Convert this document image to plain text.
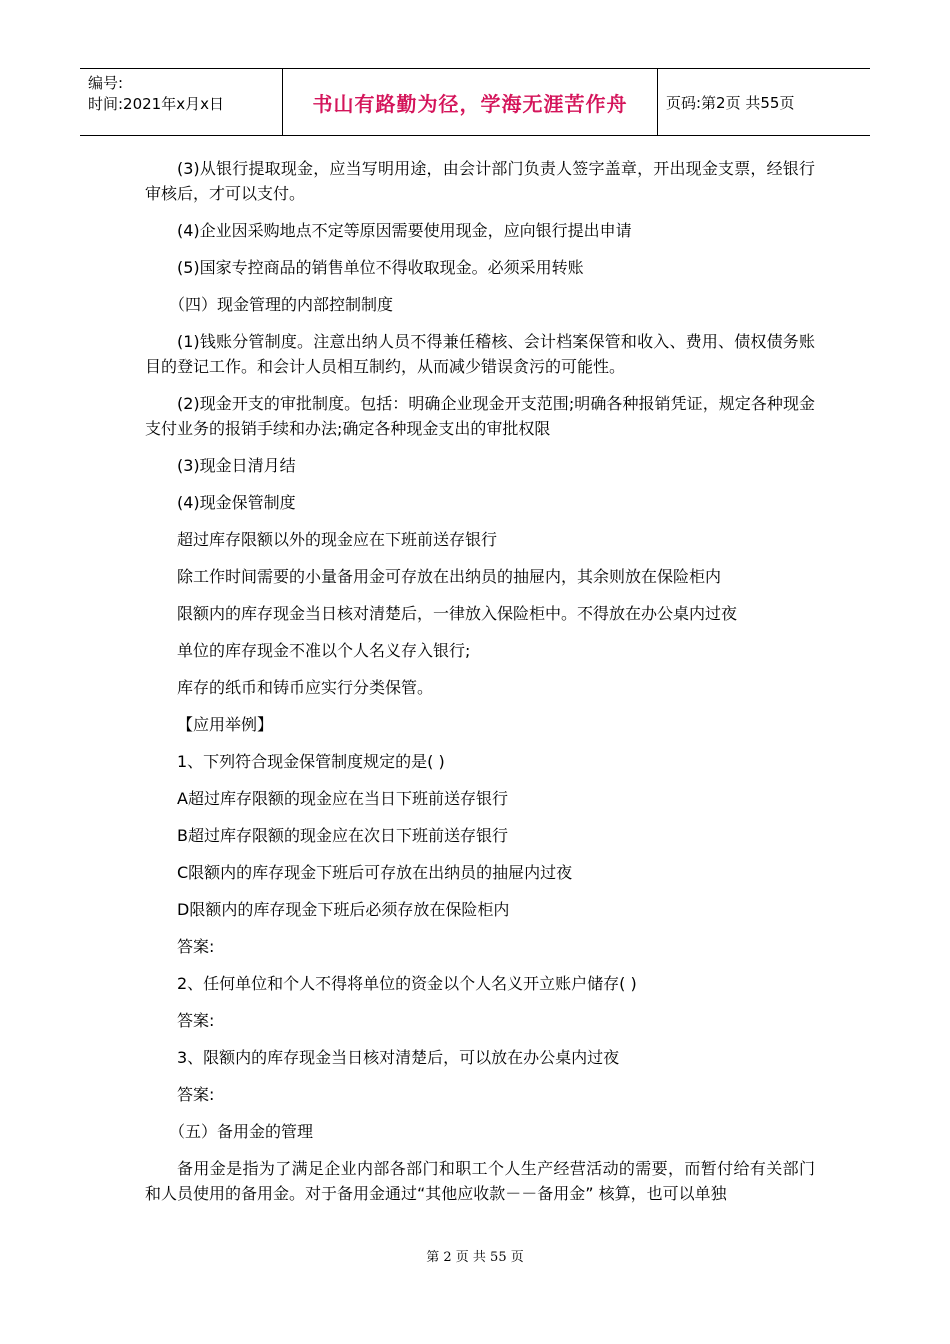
编号:
时间:2021年x月x日	书山有路勤为径，学海无涯苦作舟	页码:第2页 共55页

(3)从银行提取现金，应当写明用途，由会计部门负责人签字盖章，开出现金支票，经银行审核后，才可以支付。

(4)企业因采购地点不定等原因需要使用现金，应向银行提出申请

(5)国家专控商品的销售单位不得收取现金。必须采用转账

（四）现金管理的内部控制制度

(1)钱账分管制度。注意出纳人员不得兼任稽核、会计档案保管和收入、费用、债权债务账目的登记工作。和会计人员相互制约，从而减少错误贪污的可能性。

(2)现金开支的审批制度。包括：明确企业现金开支范围;明确各种报销凭证，规定各种现金支付业务的报销手续和办法;确定各种现金支出的审批权限

(3)现金日清月结

(4)现金保管制度

超过库存限额以外的现金应在下班前送存银行

除工作时间需要的小量备用金可存放在出纳员的抽屉内，其余则放在保险柜内

限额内的库存现金当日核对清楚后，一律放入保险柜中。不得放在办公桌内过夜

单位的库存现金不准以个人名义存入银行;

库存的纸币和铸币应实行分类保管。

【应用举例】

1、下列符合现金保管制度规定的是( )

A超过库存限额的现金应在当日下班前送存银行

B超过库存限额的现金应在次日下班前送存银行

C限额内的库存现金下班后可存放在出纳员的抽屉内过夜

D限额内的库存现金下班后必须存放在保险柜内

答案:

2、任何单位和个人不得将单位的资金以个人名义开立账户储存( )

答案:

3、限额内的库存现金当日核对清楚后，可以放在办公桌内过夜

答案:

（五）备用金的管理

备用金是指为了满足企业内部各部门和职工个人生产经营活动的需要，而暂付给有关部门和人员使用的备用金。对于备用金通过“其他应收款－－备用金” 核算，也可以单独

第 2 页 共 55 页
